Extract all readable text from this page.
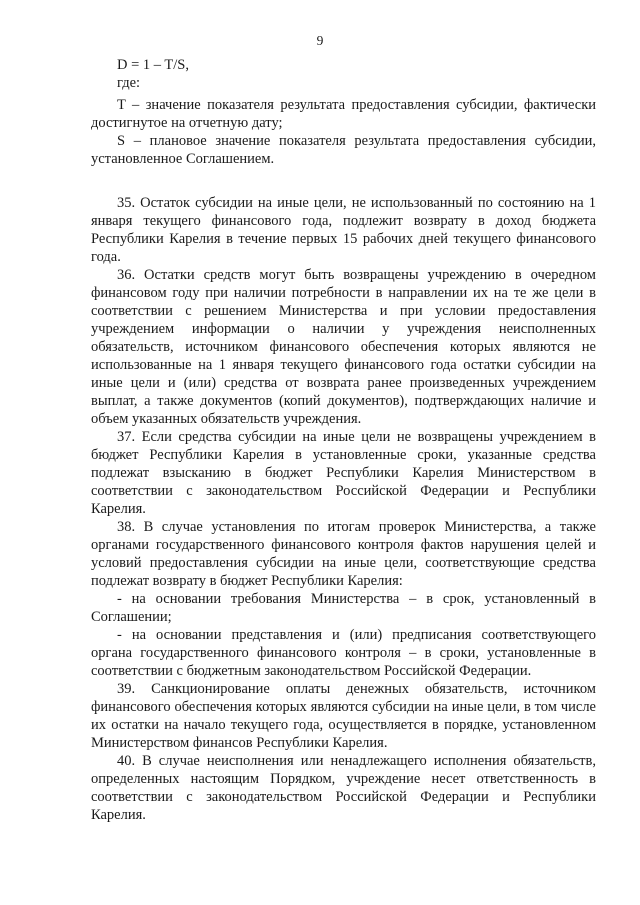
9

D = 1 – T/S,

где:

T – значение показателя результата предоставления субсидии, фактически достигнутое на отчетную дату;

S – плановое значение показателя результата предоставления субсидии, установленное Соглашением.

35. Остаток субсидии на иные цели, не использованный по состоянию на 1 января текущего финансового года, подлежит возврату в доход бюджета Республики Карелия в течение первых 15 рабочих дней текущего финансового года.

36. Остатки средств могут быть возвращены учреждению в очередном финансовом году при наличии потребности в направлении их на те же цели в соответствии с решением Министерства и при условии предоставления учреждением информации о наличии у учреждения неисполненных обязательств, источником финансового обеспечения которых являются не использованные на 1 января текущего финансового года остатки субсидии на иные цели и (или) средства от возврата ранее произведенных учреждением выплат, а также документов (копий документов), подтверждающих наличие и объем указанных обязательств учреждения.

37. Если средства субсидии на иные цели не возвращены учреждением в бюджет Республики Карелия в установленные сроки, указанные средства подлежат взысканию в бюджет Республики Карелия Министерством в соответствии с законодательством Российской Федерации и Республики Карелия.

38. В случае установления по итогам проверок Министерства, а также органами государственного финансового контроля фактов нарушения целей и условий предоставления субсидии на иные цели, соответствующие средства подлежат возврату в бюджет Республики Карелия:

- на основании требования Министерства – в срок, установленный в Соглашении;

- на основании представления и (или) предписания соответствующего органа государственного финансового контроля – в сроки, установленные в соответствии с бюджетным законодательством Российской Федерации.

39. Санкционирование оплаты денежных обязательств, источником финансового обеспечения которых являются субсидии на иные цели, в том числе их остатки на начало текущего года, осуществляется в порядке, установленном Министерством финансов Республики Карелия.

40. В случае неисполнения или ненадлежащего исполнения обязательств, определенных настоящим Порядком, учреждение несет ответственность в соответствии с законодательством Российской Федерации и Республики Карелия.
